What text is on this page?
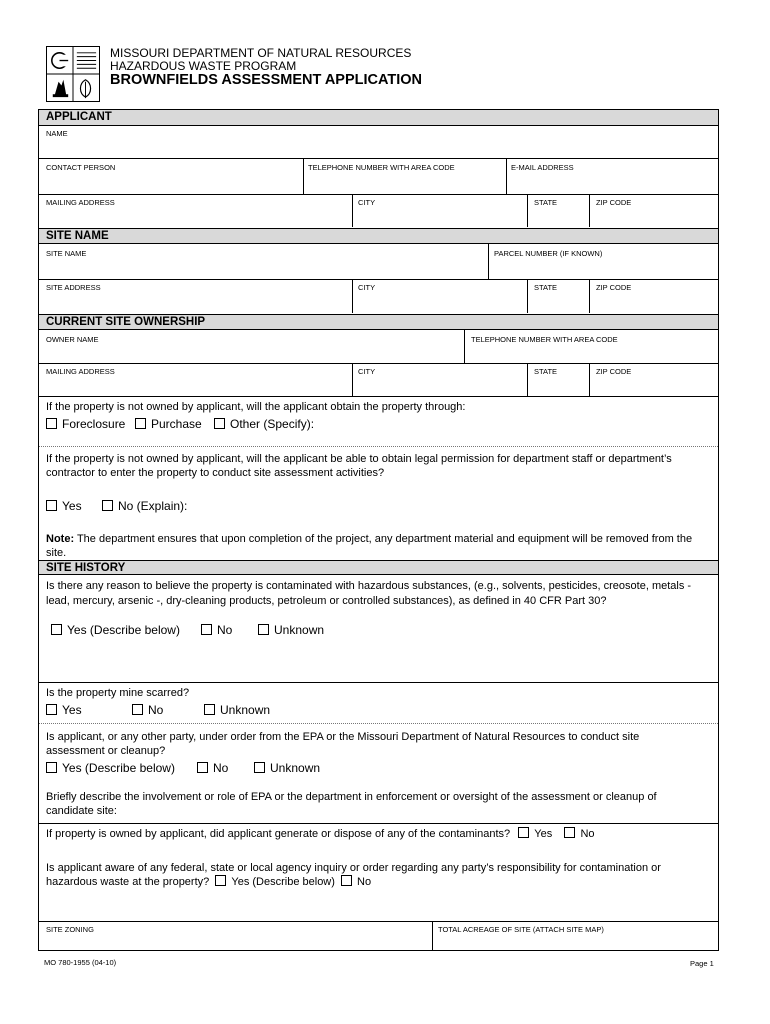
MISSOURI DEPARTMENT OF NATURAL RESOURCES
HAZARDOUS WASTE PROGRAM
BROWNFIELDS ASSESSMENT APPLICATION
APPLICANT
NAME
CONTACT PERSON	TELEPHONE NUMBER WITH AREA CODE	E-MAIL ADDRESS
MAILING ADDRESS	CITY	STATE	ZIP CODE
SITE NAME
SITE NAME	PARCEL NUMBER (IF KNOWN)
SITE ADDRESS	CITY	STATE	ZIP CODE
CURRENT SITE OWNERSHIP
OWNER NAME	TELEPHONE NUMBER WITH AREA CODE
MAILING ADDRESS	CITY	STATE	ZIP CODE
If the property is not owned by applicant, will the applicant obtain the property through:
Foreclosure	Purchase	Other (Specify):
If the property is not owned by applicant, will the applicant be able to obtain legal permission for department staff or department’s
contractor to enter the property to conduct site assessment activities?
Yes	No (Explain):
Note: The department ensures that upon completion of the project, any department material and equipment will be removed from the
site.
SITE HISTORY
Is there any reason to believe the property is contaminated with hazardous substances, (e.g., solvents, pesticides, creosote, metals -
lead, mercury, arsenic -, dry-cleaning products, petroleum or controlled substances), as defined in 40 CFR Part 30?
Yes (Describe below)	No	Unknown
Is the property mine scarred?
Yes	No	Unknown
Is applicant, or any other party, under order from the EPA or the Missouri Department of Natural Resources to conduct site
assessment or cleanup?
Yes (Describe below)	No	Unknown
Briefly describe the involvement or role of EPA or the department in enforcement or oversight of the assessment or cleanup of
candidate site:
If property is owned by applicant, did applicant generate or dispose of any of the contaminants? Yes	No
Is applicant aware of any federal, state or local agency inquiry or order regarding any party’s responsibility for contamination or
hazardous waste at the property? Yes (Describe below) No
SITE ZONING	TOTAL ACREAGE OF SITE (ATTACH SITE MAP)
MO 780-1955 (04-10)	Page 1
